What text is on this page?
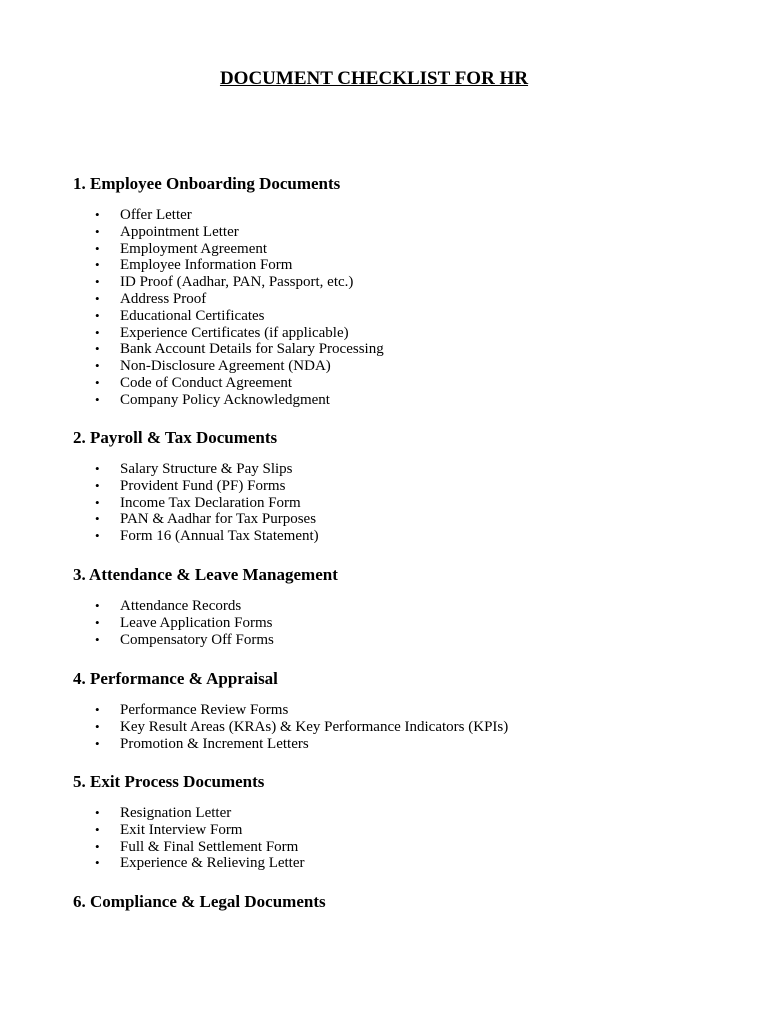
DOCUMENT CHECKLIST FOR HR
1. Employee Onboarding Documents
• Offer Letter
• Appointment Letter
• Employment Agreement
• Employee Information Form
• ID Proof (Aadhar, PAN, Passport, etc.)
• Address Proof
• Educational Certificates
• Experience Certificates (if applicable)
• Bank Account Details for Salary Processing
• Non-Disclosure Agreement (NDA)
• Code of Conduct Agreement
• Company Policy Acknowledgment
2. Payroll & Tax Documents
• Salary Structure & Pay Slips
• Provident Fund (PF) Forms
• Income Tax Declaration Form
• PAN & Aadhar for Tax Purposes
• Form 16 (Annual Tax Statement)
3. Attendance & Leave Management
• Attendance Records
• Leave Application Forms
• Compensatory Off Forms
4. Performance & Appraisal
• Performance Review Forms
• Key Result Areas (KRAs) & Key Performance Indicators (KPIs)
• Promotion & Increment Letters
5. Exit Process Documents
• Resignation Letter
• Exit Interview Form
• Full & Final Settlement Form
• Experience & Relieving Letter
6. Compliance & Legal Documents
